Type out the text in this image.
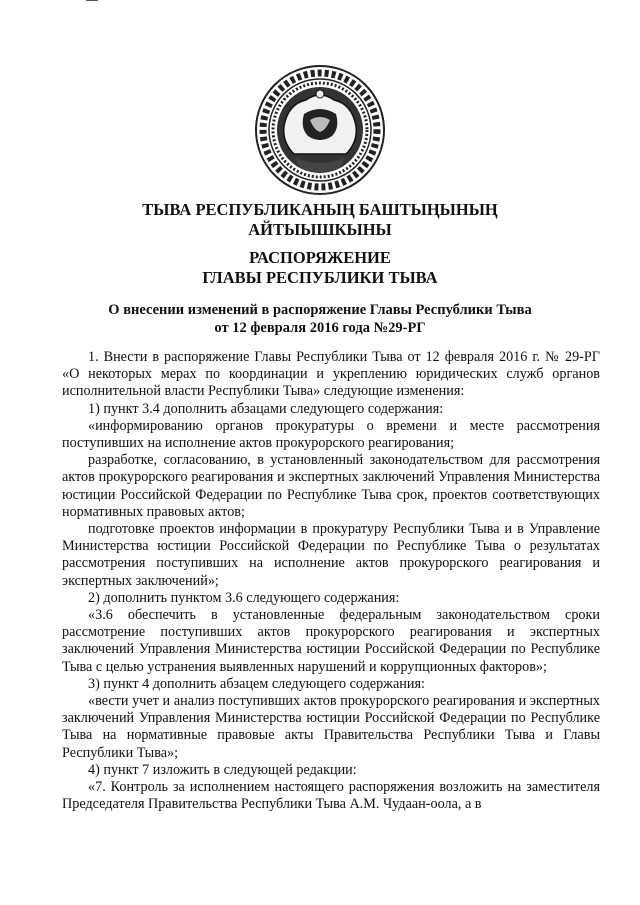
ТЫВА РЕСПУБЛИКАНЫҢ БАШТЫҢЫНЫҢ
АЙТЫЫШКЫНЫ
РАСПОРЯЖЕНИЕ
ГЛАВЫ РЕСПУБЛИКИ ТЫВА
О внесении изменений в распоряжение Главы Республики Тыва
от 12 февраля 2016 года №29-РГ

1. Внести в распоряжение Главы Республики Тыва от 12 февраля 2016 г. № 29-РГ «О некоторых мерах по координации и укреплению юридических служб органов исполнительной власти Республики Тыва» следующие изменения:

1) пункт 3.4 дополнить абзацами следующего содержания:

«информированию органов прокуратуры о времени и месте рассмотрения поступивших на исполнение актов прокурорского реагирования;

разработке, согласованию, в установленный законодательством для рассмотрения актов прокурорского реагирования и экспертных заключений Управления Министерства юстиции Российской Федерации по Республике Тыва срок, проектов соответствующих нормативных правовых актов;

подготовке проектов информации в прокуратуру Республики Тыва и в Управление Министерства юстиции Российской Федерации по Республике Тыва о результатах рассмотрения поступивших на исполнение актов прокурорского реагирования и экспертных заключений»;

2) дополнить пунктом 3.6 следующего содержания:

«3.6 обеспечить в установленные федеральным законодательством сроки рассмотрение поступивших актов прокурорского реагирования и экспертных заключений Управления Министерства юстиции Российской Федерации по Республике Тыва с целью устранения выявленных нарушений и коррупционных факторов»;

3) пункт 4 дополнить абзацем следующего содержания:

«вести учет и анализ поступивших актов прокурорского реагирования и экспертных заключений Управления Министерства юстиции Российской Федерации по Республике Тыва на нормативные правовые акты Правительства Республики Тыва и Главы Республики Тыва»;

4) пункт 7 изложить в следующей редакции:

«7. Контроль за исполнением настоящего распоряжения возложить на заместителя Председателя Правительства Республики Тыва А.М. Чудаан-оола, а в
